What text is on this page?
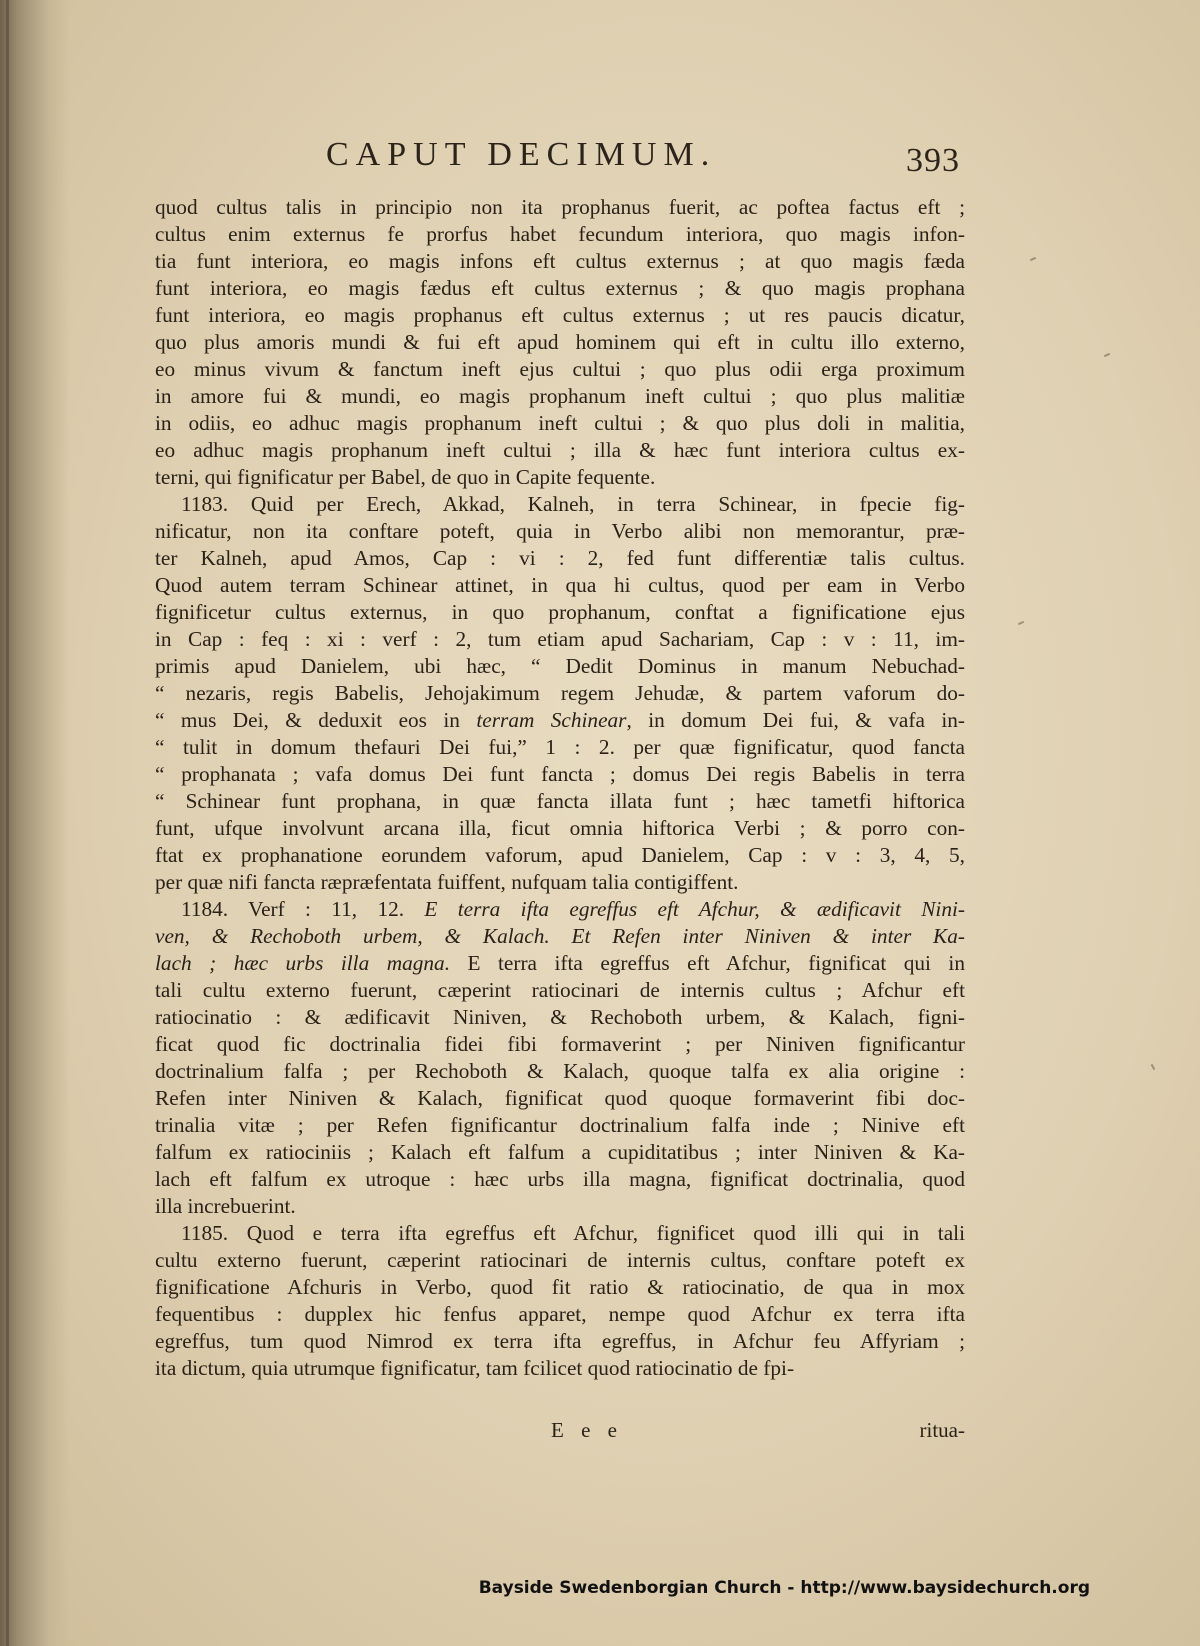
CAPUT DECIMUM.	393
quod cultus talis in principio non ita prophanus fuerit, ac poftea factus eft ;
cultus enim externus fe prorfus habet fecundum interiora, quo magis infon-
tia funt interiora, eo magis infons eft cultus externus ; at quo magis fæda
funt interiora, eo magis fædus eft cultus externus ; & quo magis prophana
funt interiora, eo magis prophanus eft cultus externus ; ut res paucis dicatur,
quo plus amoris mundi & fui eft apud hominem qui eft in cultu illo externo,
eo minus vivum & fanctum ineft ejus cultui ; quo plus odii erga proximum
in amore fui & mundi, eo magis prophanum ineft cultui ; quo plus malitiæ
in odiis, eo adhuc magis prophanum ineft cultui ; & quo plus doli in malitia,
eo adhuc magis prophanum ineft cultui ; illa & hæc funt interiora cultus ex-
terni, qui fignificatur per Babel, de quo in Capite fequente.
1183. Quid per Erech, Akkad, Kalneh, in terra Schinear, in fpecie fig-
nificatur, non ita conftare poteft, quia in Verbo alibi non memorantur, præ-
ter Kalneh, apud Amos, Cap : vi : 2, fed funt differentiæ talis cultus.
Quod autem terram Schinear attinet, in qua hi cultus, quod per eam in Verbo
fignificetur cultus externus, in quo prophanum, conftat a fignificatione ejus
in Cap : feq : xi : verf : 2, tum etiam apud Sachariam, Cap : v : 11, im-
primis apud Danielem, ubi hæc, “ Dedit Dominus in manum Nebuchad-
“ nezaris, regis Babelis, Jehojakimum regem Jehudæ, & partem vaforum do-
“ mus Dei, & deduxit eos in terram Schinear, in domum Dei fui, & vafa in-
“ tulit in domum thefauri Dei fui,” 1 : 2. per quæ fignificatur, quod fancta
“ prophanata ; vafa domus Dei funt fancta ; domus Dei regis Babelis in terra
“ Schinear funt prophana, in quæ fancta illata funt ; hæc tametfi hiftorica
funt, ufque involvunt arcana illa, ficut omnia hiftorica Verbi ; & porro con-
ftat ex prophanatione eorundem vaforum, apud Danielem, Cap : v : 3, 4, 5,
per quæ nifi fancta ræpræfentata fuiffent, nufquam talia contigiffent.
1184. Verf : 11, 12. E terra ifta egreffus eft Afchur, & ædificavit Nini-
ven, & Rechoboth urbem, & Kalach. Et Refen inter Niniven & inter Ka-
lach ; hæc urbs illa magna. E terra ifta egreffus eft Afchur, fignificat qui in
tali cultu externo fuerunt, cæperint ratiocinari de internis cultus ; Afchur eft
ratiocinatio : & ædificavit Niniven, & Rechoboth urbem, & Kalach, figni-
ficat quod fic doctrinalia fidei fibi formaverint ; per Niniven fignificantur
doctrinalium falfa ; per Rechoboth & Kalach, quoque talfa ex alia origine :
Refen inter Niniven & Kalach, fignificat quod quoque formaverint fibi doc-
trinalia vitæ ; per Refen fignificantur doctrinalium falfa inde ; Ninive eft
falfum ex ratiociniis ; Kalach eft falfum a cupiditatibus ; inter Niniven & Ka-
lach eft falfum ex utroque : hæc urbs illa magna, fignificat doctrinalia, quod
illa increbuerint.
1185. Quod e terra ifta egreffus eft Afchur, fignificet quod illi qui in tali
cultu externo fuerunt, cæperint ratiocinari de internis cultus, conftare poteft ex
fignificatione Afchuris in Verbo, quod fit ratio & ratiocinatio, de qua in mox
fequentibus : dupplex hic fenfus apparet, nempe quod Afchur ex terra ifta
egreffus, tum quod Nimrod ex terra ifta egreffus, in Afchur feu Affyriam ;
ita dictum, quia utrumque fignificatur, tam fcilicet quod ratiocinatio de fpi-
E e e	ritua-
Bayside Swedenborgian Church - http://www.baysidechurch.org
